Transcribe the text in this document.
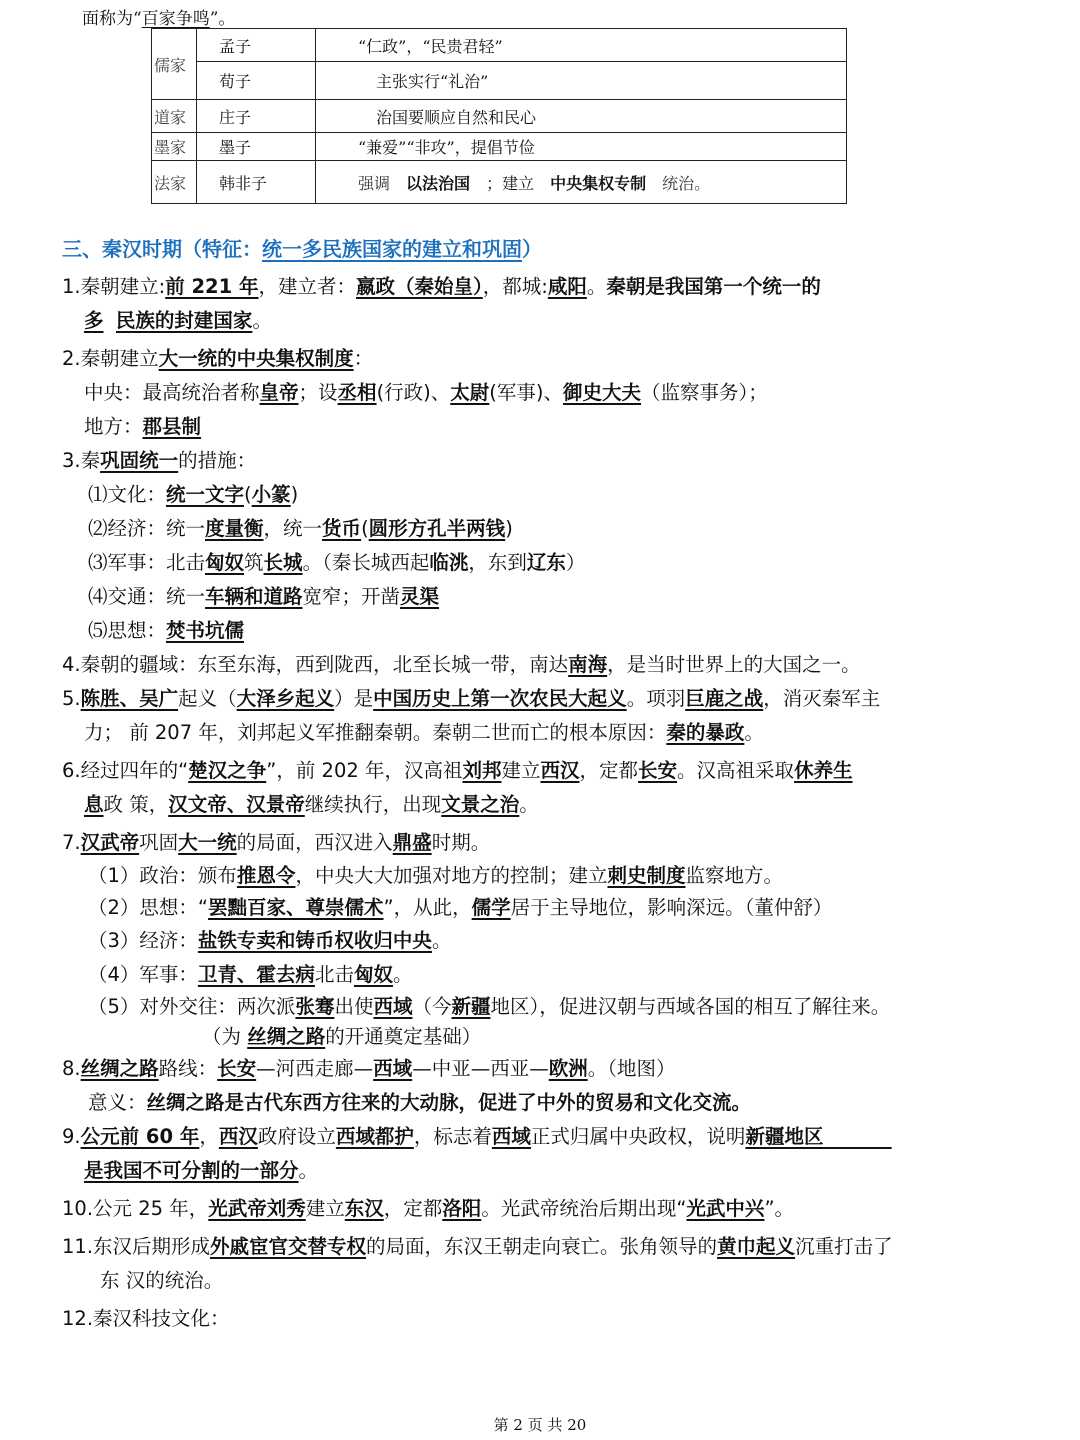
面称为“百家争鸣”。
儒家	孟子	“仁政”，“民贵君轻”
	荀子	主张实行“礼治”
道家	庄子	治国要顺应自然和民心
墨家	墨子	“兼爱”“非攻”，提倡节俭
法家	韩非子	强调　 以法治国　 ；建立　 中央集权专制　 统治。
三、秦汉时期（特征：统一多民族国家的建立和巩固）

1.秦朝建立:前 221 年，建立者：嬴政（秦始皇），都城:咸阳。秦朝是我国第一个统一的

多 民族的封建国家。

2.秦朝建立大一统的中央集权制度：

中央：最高统治者称皇帝；设丞相(行政)、太尉(军事)、御史大夫（监察事务）；

地方：郡县制

3.秦巩固统一的措施：

⑴文化：统一文字(小篆)

⑵经济：统一度量衡，统一货币(圆形方孔半两钱)

⑶军事：北击匈奴筑长城。（秦长城西起临洮，东到辽东）

⑷交通：统一车辆和道路宽窄；开凿灵渠

⑸思想：焚书坑儒

4.秦朝的疆域：东至东海，西到陇西，北至长城一带，南达南海，是当时世界上的大国之一。

5.陈胜、吴广起义（大泽乡起义）是中国历史上第一次农民大起义。项羽巨鹿之战，消灭秦军主

力； 前 207 年，刘邦起义军推翻秦朝。秦朝二世而亡的根本原因：秦的暴政。

6.经过四年的“楚汉之争”，前 202 年，汉高祖刘邦建立西汉，定都长安。汉高祖采取休养生

息政 策，汉文帝、汉景帝继续执行，出现文景之治。

7.汉武帝巩固大一统的局面，西汉进入鼎盛时期。

（1）政治：颁布推恩令，中央大大加强对地方的控制；建立刺史制度监察地方。

（2）思想：“罢黜百家、尊崇儒术”，从此，儒学居于主导地位，影响深远。（董仲舒）

（3）经济：盐铁专卖和铸币权收归中央。

（4）军事：卫青、霍去病北击匈奴。

（5）对外交往：两次派张骞出使西域（今新疆地区），促进汉朝与西域各国的相互了解往来。

（为 丝绸之路的开通奠定基础）

8.丝绸之路路线：长安—河西走廊—西域—中亚—西亚—欧洲。（地图）

意义：丝绸之路是古代东西方往来的大动脉，促进了中外的贸易和文化交流。

9.公元前 60 年，西汉政府设立西域都护，标志着西域正式归属中央政权，说明新疆地区

是我国不可分割的一部分。

10.公元 25 年，光武帝刘秀建立东汉，定都洛阳。光武帝统治后期出现“光武中兴”。

11.东汉后期形成外戚宦官交替专权的局面，东汉王朝走向衰亡。张角领导的黄巾起义沉重打击了

东 汉的统治。

12.秦汉科技文化：

第 2 页 共 20
